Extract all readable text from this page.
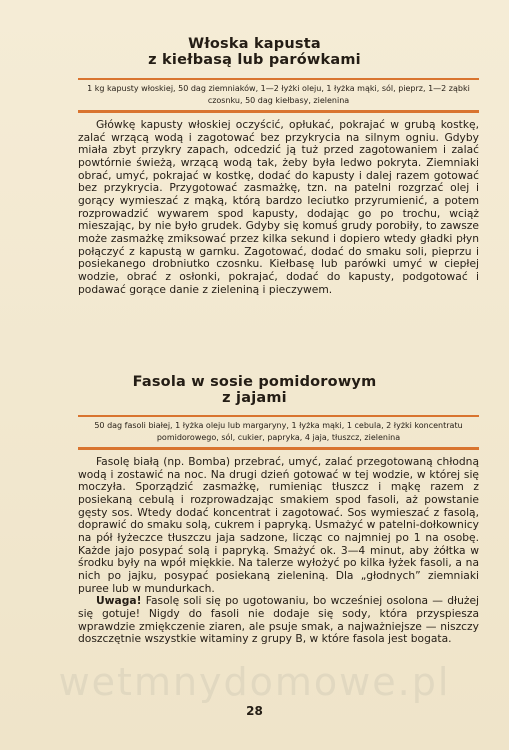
Włoska kapusta
z kiełbasą lub parówkami
1 kg kapusty włoskiej, 50 dag ziemniaków, 1—2 łyżki oleju, 1 łyżka mąki, sól, pieprz, 1—2 ząbki czosnku, 50 dag kiełbasy, zielenina

Główkę kapusty włoskiej oczyścić, opłukać, pokrajać w grubą kostkę, zalać wrzącą wodą i zagotować bez przykrycia na silnym ogniu. Gdyby miała zbyt przykry zapach, odcedzić ją tuż przed zagotowaniem i zalać powtórnie świeżą, wrzącą wodą tak, żeby była ledwo pokryta. Ziemniaki obrać, umyć, pokrajać w kostkę, dodać do kapusty i dalej razem gotować bez przykrycia. Przygotować zasmażkę, tzn. na patelni rozgrzać olej i gorący wymieszać z mąką, którą bardzo leciutko przyrumienić, a potem rozprowadzić wywarem spod kapusty, dodając go po trochu, wciąż mieszając, by nie było grudek. Gdyby się komuś grudy porobiły, to zawsze może zasmażkę zmiksować przez kilka sekund i dopiero wtedy gładki płyn połączyć z kapustą w garnku. Zagotować, dodać do smaku soli, pieprzu i posiekanego drobniutko czosnku. Kiełbasę lub parówki umyć w ciepłej wodzie, obrać z osłonki, pokrajać, dodać do kapusty, podgotować i podawać gorące danie z zieleniną i pieczywem.

Fasola w sosie pomidorowym
z jajami
50 dag fasoli białej, 1 łyżka oleju lub margaryny, 1 łyżka mąki, 1 cebula, 2 łyżki koncentratu pomidorowego, sól, cukier, papryka, 4 jaja, tłuszcz, zielenina

Fasolę białą (np. Bomba) przebrać, umyć, zalać przegotowaną chłodną wodą i zostawić na noc. Na drugi dzień gotować w tej wodzie, w której się moczyła. Sporządzić zasmażkę, rumieniąc tłuszcz i mąkę razem z posiekaną cebulą i rozprowadzając smakiem spod fasoli, aż powstanie gęsty sos. Wtedy dodać koncentrat i zagotować. Sos wymieszać z fasolą, doprawić do smaku solą, cukrem i papryką. Usmażyć w patelni-dołkownicy na pół łyżeczce tłuszczu jaja sadzone, licząc co najmniej po 1 na osobę. Każde jajo posypać solą i papryką. Smażyć ok. 3—4 minut, aby żółtka w środku były na wpół miękkie. Na talerze wyłożyć po kilka łyżek fasoli, a na nich po jajku, posypać posiekaną zieleniną. Dla „głodnych” ziemniaki puree lub w mundurkach.

Uwaga! Fasolę soli się po ugotowaniu, bo wcześniej osolona — dłużej się gotuje! Nigdy do fasoli nie dodaje się sody, która przyspiesza wprawdzie zmiękczenie ziaren, ale psuje smak, a najważniejsze — niszczy doszczętnie wszystkie witaminy z grupy B, w które fasola jest bogata.

wetmnydomowe.pl
28
